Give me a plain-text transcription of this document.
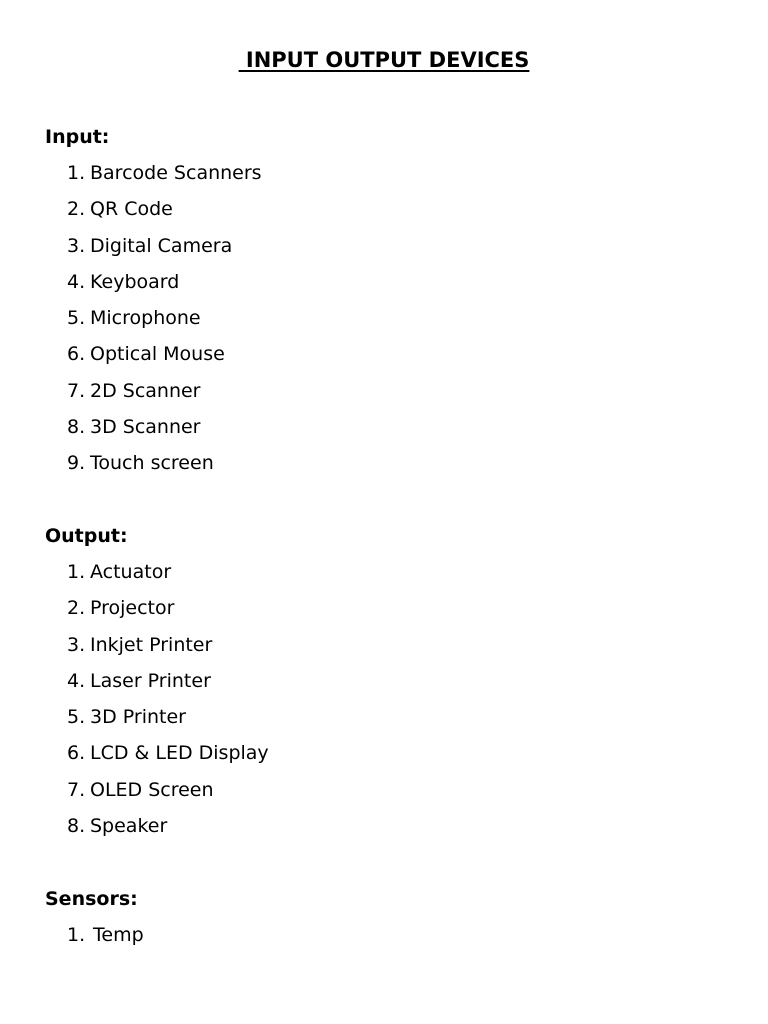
INPUT OUTPUT DEVICES

Input:

1. Barcode Scanners
2. QR Code
3. Digital Camera
4. Keyboard
5. Microphone
6. Optical Mouse
7. 2D Scanner
8. 3D Scanner
9. Touch screen

Output:

1. Actuator
2. Projector
3. Inkjet Printer
4. Laser Printer
5. 3D Printer
6. LCD & LED Display
7. OLED Screen
8. Speaker

Sensors:

1. Temp
